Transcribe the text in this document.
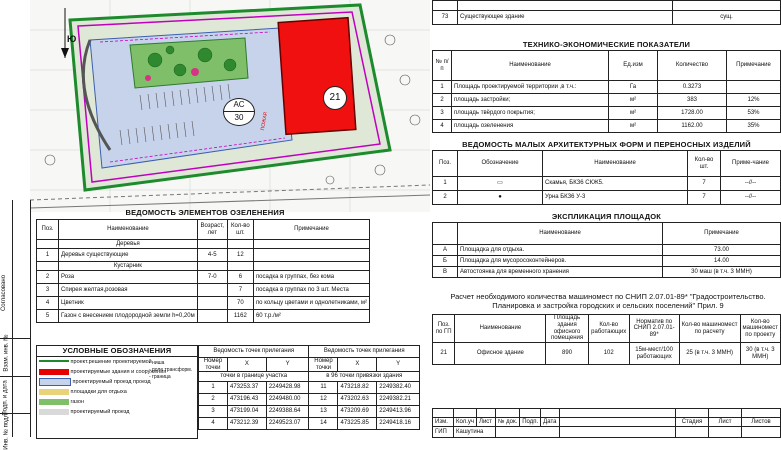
Ю
21
АС
30	ПОЖАР.

73	Существующее здание	сущ.
ТЕХНИКО-ЭКОНОМИЧЕСКИЕ ПОКАЗАТЕЛИ
№ п/п	Наименование	Ед.изм	Количество	Примечание
1	Площадь проектируемой территории ,в т.ч.:	Га	0.3273	
2	площадь застройки;	м²	383	12%
3	площадь твёрдого покрытия;	м²	1728.00	53%
4	площадь озеленения	м²	1162.00	35%
ВЕДОМОСТЬ МАЛЫХ АРХИТЕКТУРНЫХ ФОРМ И ПЕРЕНОСНЫХ ИЗДЕЛИЙ
Поз.	Обозначение	Наименование	Кол-во шт.	Приме-чание
1	▭	Скамья, БКЗ6 СКЖ5.	7	--//--
2	●	Урна БКЗ6 У-3	7	--//--
ЭКСПЛИКАЦИЯ ПЛОЩАДОК
	Наименование	Примечание
А	Площадка для отдыха.	73.00
Б	Площадка для мусоросоконтейнеров.	14.00
В	Автостоянка для временного хранения	30 маш (в т.ч. 3 ММН)
Расчет необходимого количества машиномест по СНИП 2.07.01-89* "Градостроительство. Планировка и застройка городских и сельских поселений" Прил. 9
Поз. по ГП	Наименование	Площадь здания офисного помещения	Кол-во работающих	Норматив по СНИП 2.07.01-89*	Кол-во машиномест по расчету	Кол-во машиномест по проекту
21	Офисное здание	890	102	15м-мест/100 работающих	25 (в т.ч. 3 ММН)	30 (в т.ч. 3 ММН)

Изм.	Кол.уч	Лист	№ док.	Подп.	Дата		Стадия	Лист	Листов
ГИП	Кашутина								
Согласовано
Взам. инв. №
Подп. и дата
Инв. № подл.
ВЕДОМОСТЬ ЭЛЕМЕНТОВ ОЗЕЛЕНЕНИЯ
Поз.	Наименование	Возраст, лет	Кол-во шт.	Примечание
	Деревья			
1	Деревья существующие	4-5	12	
	Кустарник			
2	Роза	7-0	6	посадка в группах, без кома
3	Спирея желтая,розовая		7	посадка в группах по 3 шт. Места
4	Цветник		70	по кольцу цветами и однолетниками, м²
5	Газон с внесением плодородной земли h=0,20м		1162	60 т.р./м²
УСЛОВНЫЕ ОБОЗНАЧЕНИЯ
проект.решение проектируемой
проектируемые здания и сооружения
проектируемый проезд проезд
площадки для отдыха
газон
проектируемый проезд
- ниша
- поле трансформ.
- граница
Ведомость точек прилегания			Ведомость точек прилегания		
Номер точки	X	Y	Номер точки	X	Y
точки в границе участка			в 96 точки привязки здания		
1	473253.37	2249428.98	11	473218.82	2249382.40
2	473196.43	2249480.00	12	473202.63	2249382.21
3	473199.04	2249388.64	13	473209.69	2249413.96
4	473212.39	2249523.07	14	473225.85	2249418.16
